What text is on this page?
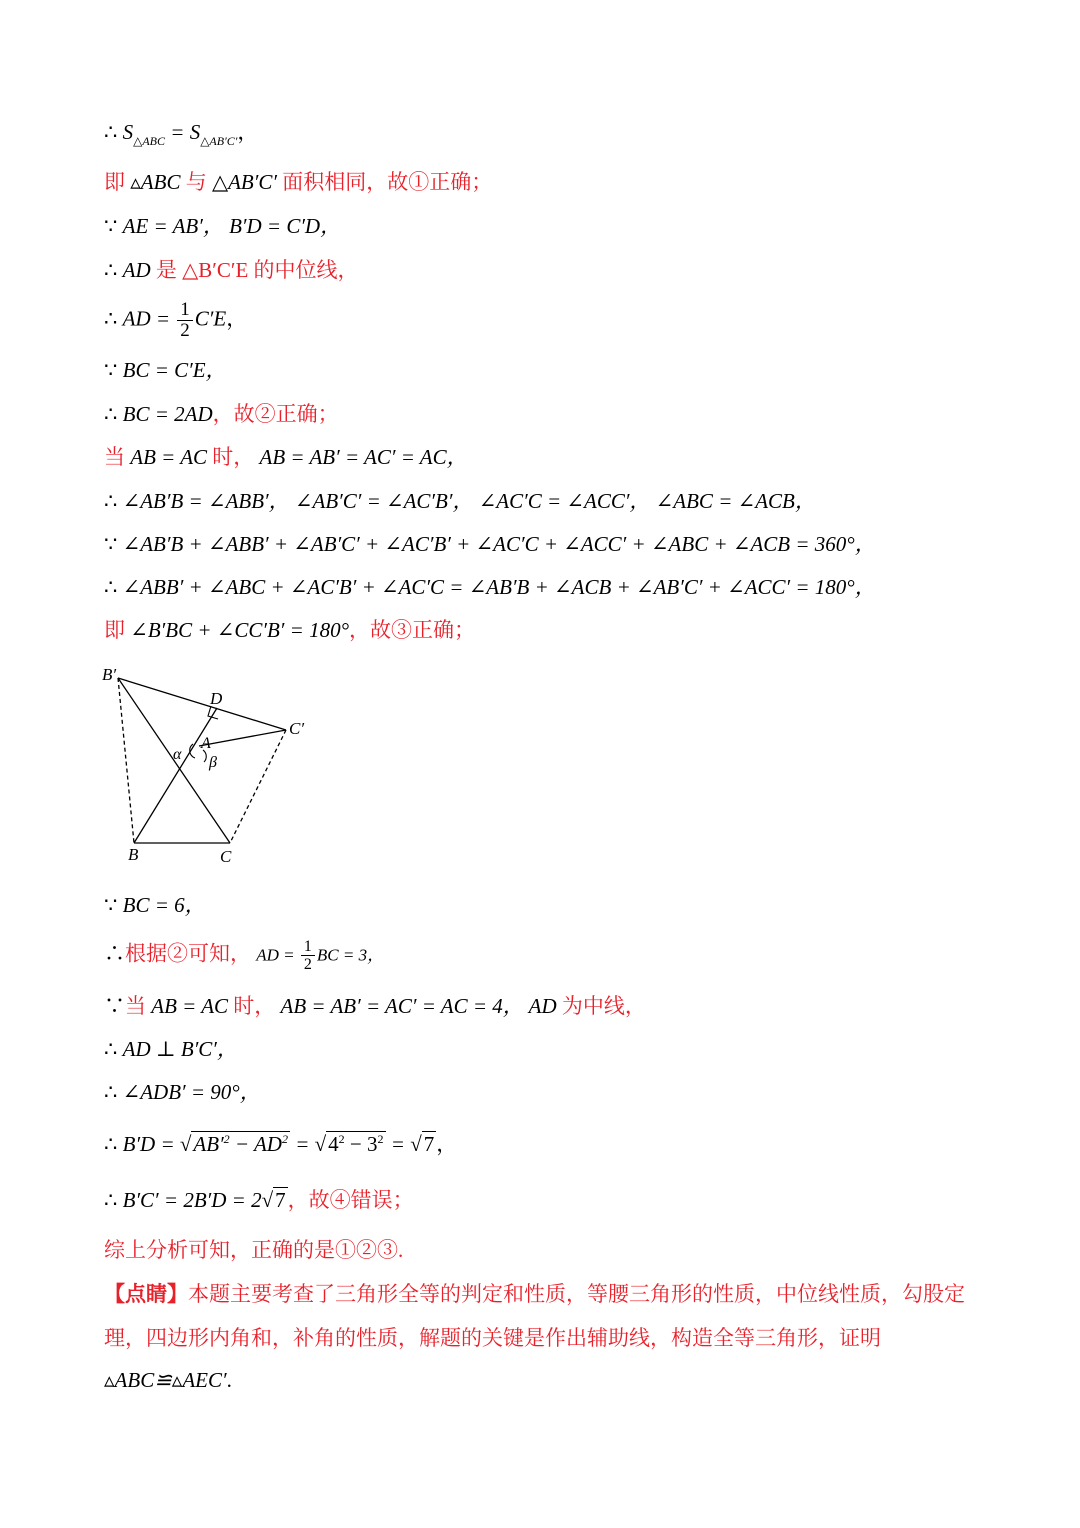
∴ $S_{\triangle ABC} = S_{\triangle AB'C'}$，
即 ▵ABC 与 △AB′C′ 面积相同，故①正确；
∵ AE = AB′， B′D = C′D，
∴ AD 是 △B′C′E 的中位线，
∴ AD = $\frac{1}{2} C'E$，
∵ BC = C′E，
∴ BC = 2AD，故②正确；
当 AB = AC 时， AB = AB′ = AC′ = AC，
∴ ∠AB′B = ∠ABB′， ∠AB′C′ = ∠AC′B′， ∠AC′C = ∠ACC′， ∠ABC = ∠ACB，
∵ ∠AB′B + ∠ABB′ + ∠AB′C′ + ∠AC′B′ + ∠AC′C + ∠ACC′ + ∠ABC + ∠ACB = 360°，
∴ ∠ABB′ + ∠ABC + ∠AC′B′ + ∠AC′C = ∠AB′B + ∠ACB + ∠AB′C′ + ∠ACC′ = 180°，
即 ∠B′BC + ∠CC′B′ = 180°，故③正确；
B′
D
C′
A
α β
B	C
∵ BC = 6，
∴根据②可知， AD = $\frac{1}{2}$ BC = 3，
∵当 AB = AC 时， AB = AB′ = AC′ = AC = 4， AD 为中线，
∴ AD ⊥ B′C′，
∴ ∠ADB′ = 90°，
∴ $B'D = √AB'^2 - AD^2 = √4^2 - 3^2 = √7$，
∴ B′C′ = 2B′D = 2√7，故④错误；
综上分析可知，正确的是①②③.
【点睛】本题主要考查了三角形全等的判定和性质，等腰三角形的性质，中位线性质，勾股定理，四边形内角和，补角的性质，解题的关键是作出辅助线，构造全等三角形，证明
▵ABC≌▵AEC′.
